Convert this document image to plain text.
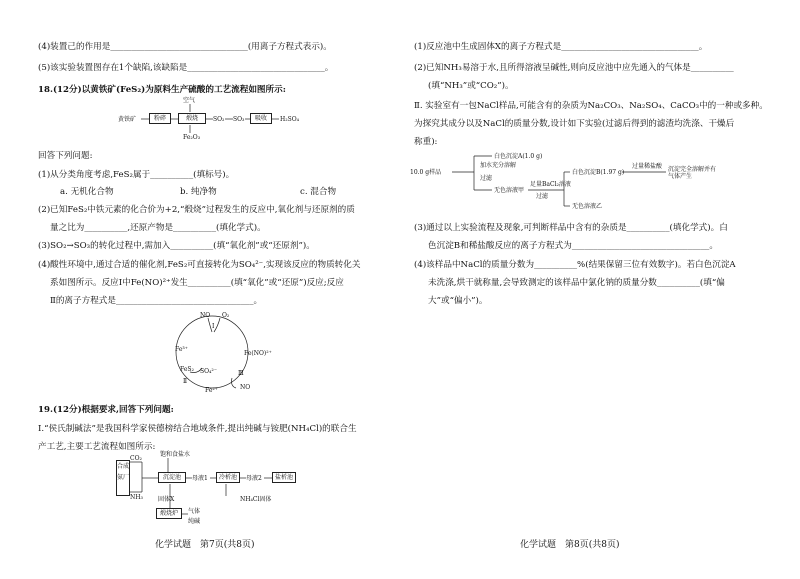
(4)装置己的作用是________________________________(用离子方程式表示)。
(5)该实验装置图存在1个缺陷,该缺陷是________________________________。
18.(12分)以黄铁矿(FeS₂)为原料生产硫酸的工艺流程如图所示:
黄铁矿	粉碎
空气
煅烧	SO₂ SO₃	吸收	H₂SO₄
Fe₂O₃
回答下列问题:
(1)从分类角度考虑,FeS₂属于__________(填标号)。
a. 无机化合物	b. 纯净物	c. 混合物
(2)已知FeS₂中铁元素的化合价为+2,“煅烧”过程发生的反应中,氧化剂与还原剂的质
量之比为__________,还原产物是__________(填化学式)。
(3)SO₂→SO₃的转化过程中,需加入__________(填“氧化剂”或“还原剂”)。
(4)酸性环境中,通过合适的催化剂,FeS₂可直接转化为SO₄²⁻,实现该反应的物质转化关
系如图所示。反应Ⅰ中Fe(NO)²⁺发生__________(填“氧化”或“还原”)反应;反应
Ⅱ的离子方程式是________________________________。
NO O₂
Ⅰ
Fe³⁺
Fe(NO)²⁺
FeS₂ SO₄²⁻
Ⅱ
Ⅲ
Fe²⁺	NO
19.(12分)根据要求,回答下列问题:
Ⅰ.“侯氏制碱法”是我国科学家侯德榜结合地域条件,提出纯碱与铵肥(NH₄Cl)的联合生
产工艺,主要工艺流程如图所示:
合成氨厂
CO₂
NH₃
饱和食盐水
沉淀池	母液1	冷析池	母液2	盐析池
NH₄Cl固体
固体X
煅烧炉	气体
纯碱
化学试题　第7页(共8页)
(1)反应池中生成固体X的离子方程式是________________________________。
(2)已知NH₃易溶于水,且所得溶液呈碱性,则向反应池中应先通入的气体是__________
(填“NH₃”或“CO₂”)。
Ⅱ. 实验室有一包NaCl样品,可能含有的杂质为Na₂CO₃、Na₂SO₄、CaCO₃中的一种或多种。
为探究其成分以及NaCl的质量分数,设计如下实验(过滤后得到的滤渣均洗涤、干燥后
称重):
10.0 g样品
加水充分溶解
过滤
白色沉淀A(1.0 g)
无色溶液甲
足量BaCl₂溶液
过滤
白色沉淀B(1.97 g)
过量稀盐酸 沉淀完全溶解并有气体产生
无色溶液乙
(3)通过以上实验流程及现象,可判断样品中含有的杂质是__________(填化学式)。白
色沉淀B和稀盐酸反应的离子方程式为________________________________。
(4)该样品中NaCl的质量分数为__________%(结果保留三位有效数字)。若白色沉淀A
未洗涤,烘干就称量,会导致测定的该样品中氯化钠的质量分数__________(填“偏
大”或“偏小”)。
化学试题　第8页(共8页)
